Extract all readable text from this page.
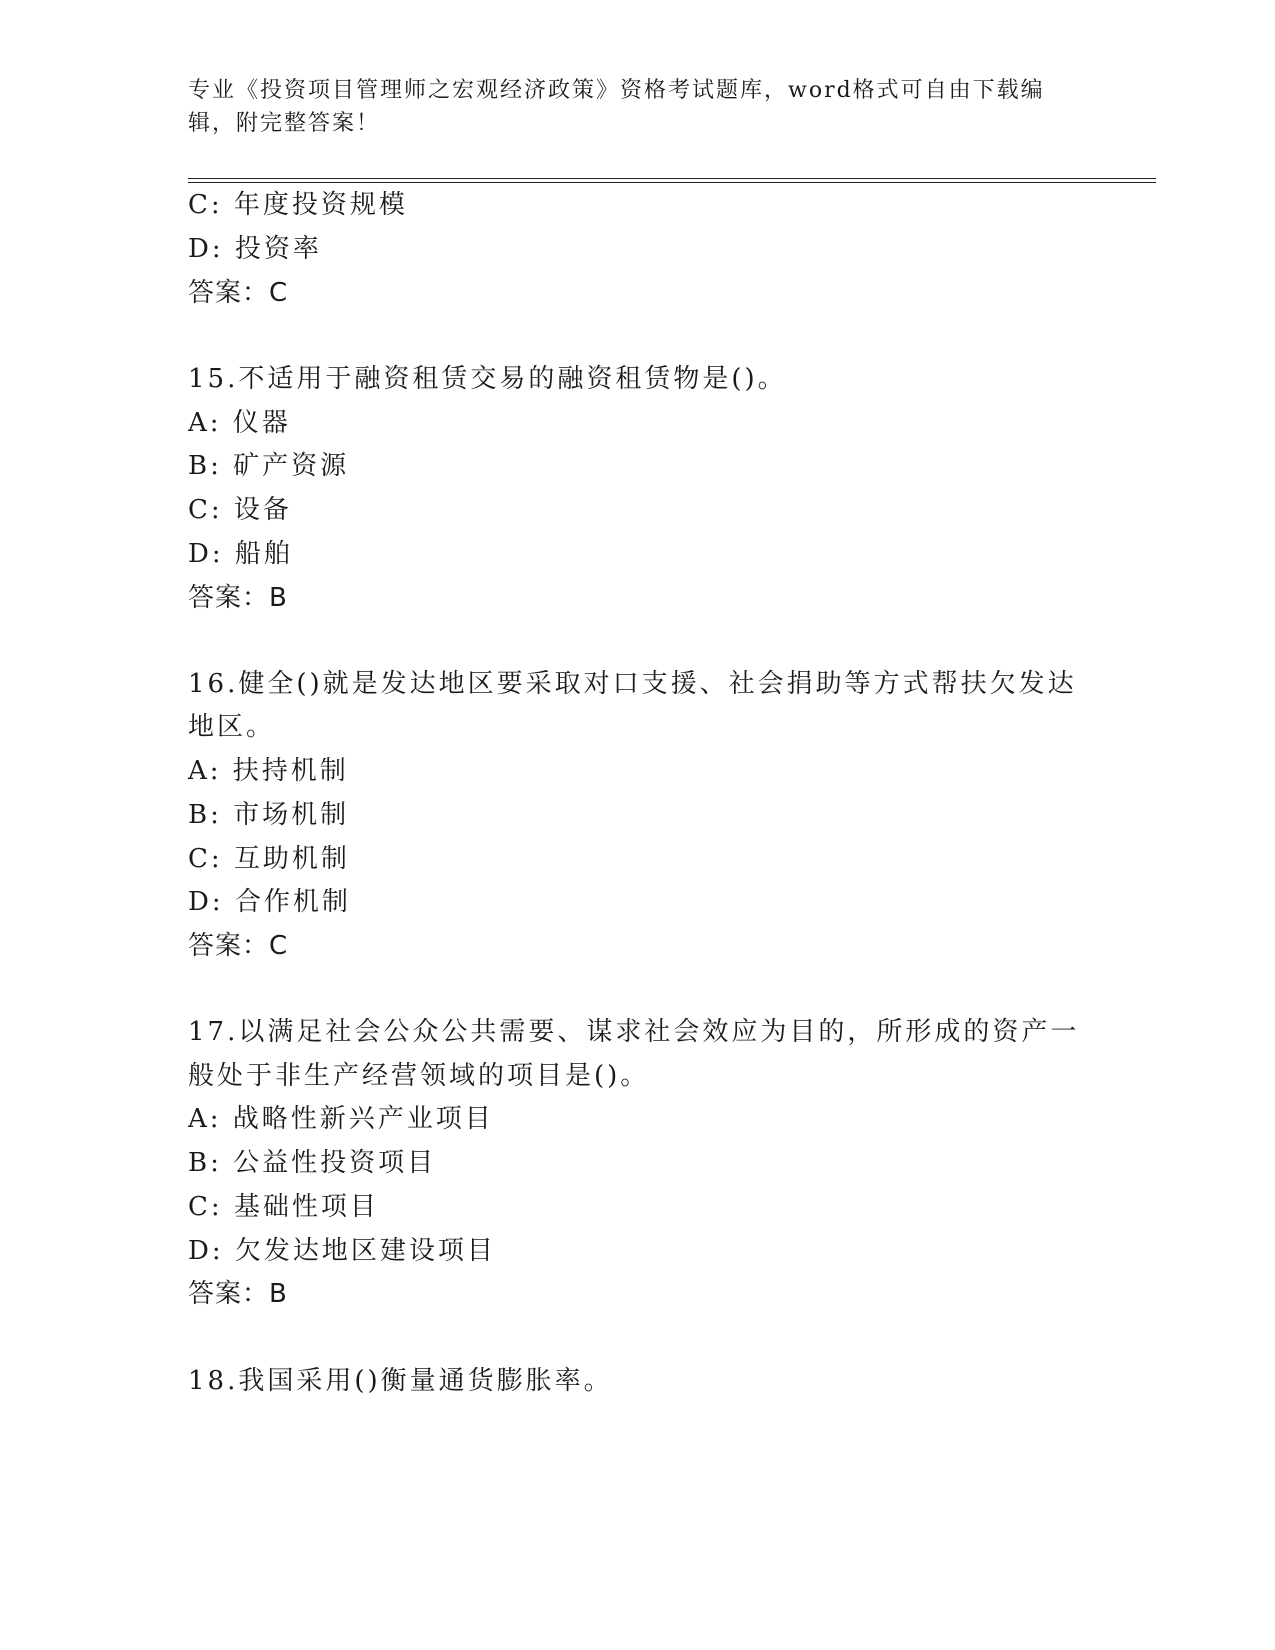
专业《投资项目管理师之宏观经济政策》资格考试题库，word格式可自由下载编
辑，附完整答案！
C: 年度投资规模
D: 投资率
答案：C
15.不适用于融资租赁交易的融资租赁物是()。
A: 仪器
B: 矿产资源
C: 设备
D: 船舶
答案：B
16.健全()就是发达地区要采取对口支援、社会捐助等方式帮扶欠发达
地区。
A: 扶持机制
B: 市场机制
C: 互助机制
D: 合作机制
答案：C
17.以满足社会公众公共需要、谋求社会效应为目的，所形成的资产一
般处于非生产经营领域的项目是()。
A: 战略性新兴产业项目
B: 公益性投资项目
C: 基础性项目
D: 欠发达地区建设项目
答案：B
18.我国采用()衡量通货膨胀率。
